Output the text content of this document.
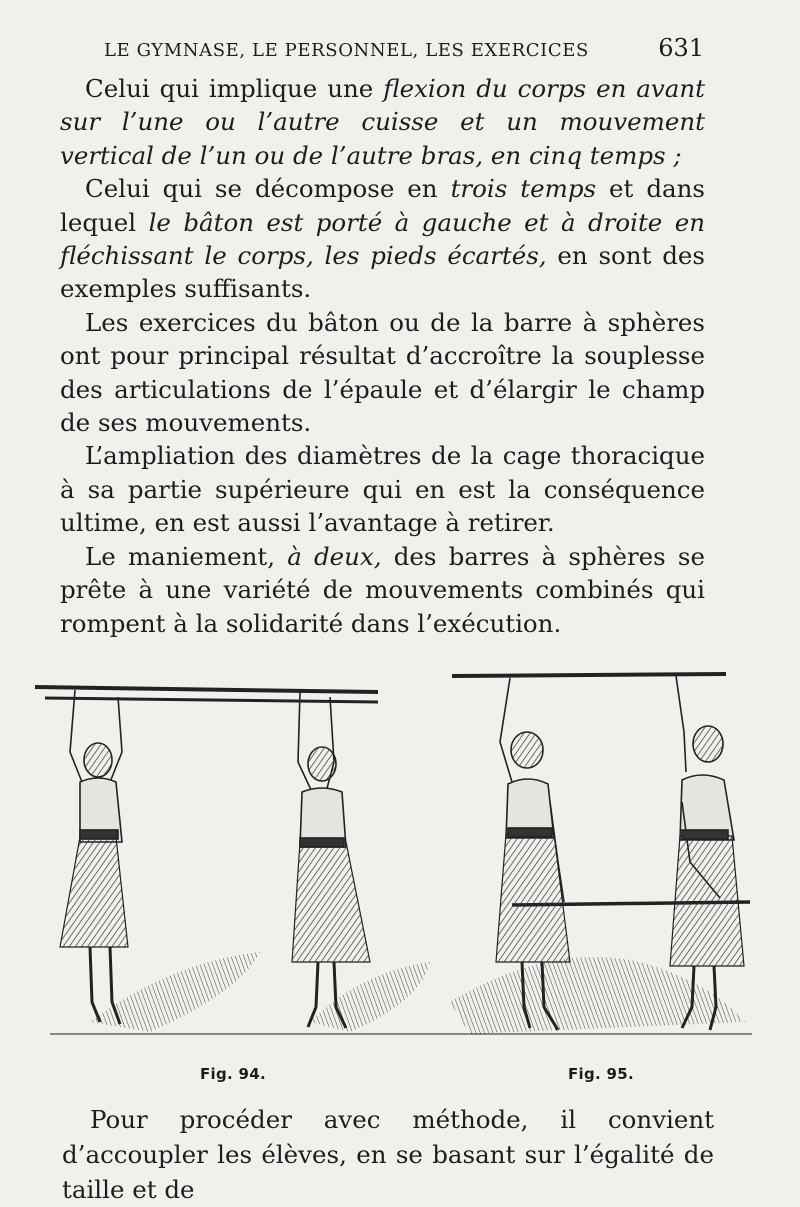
LE GYMNASE, LE PERSONNEL, LES EXERCICES	631

Celui qui implique une flexion du corps en avant sur l’une ou l’autre cuisse et un mouvement vertical de l’un ou de l’autre bras, en cinq temps ;

Celui qui se décompose en trois temps et dans lequel le bâton est porté à gauche et à droite en fléchissant le corps, les pieds écartés, en sont des exemples suffisants.

Les exercices du bâton ou de la barre à sphères ont pour principal résultat d’accroître la souplesse des articulations de l’épaule et d’élargir le champ de ses mouvements.

L’ampliation des diamètres de la cage thoracique à sa partie supérieure qui en est la conséquence ultime, en est aussi l’avantage à retirer.

Le maniement, à deux, des barres à sphères se prête à une variété de mouvements combinés qui rompent à la solidarité dans l’exécution.

Fig. 94.	Fig. 95.

Pour procéder avec méthode, il convient d’accoupler les élèves, en se basant sur l’égalité de taille et de
